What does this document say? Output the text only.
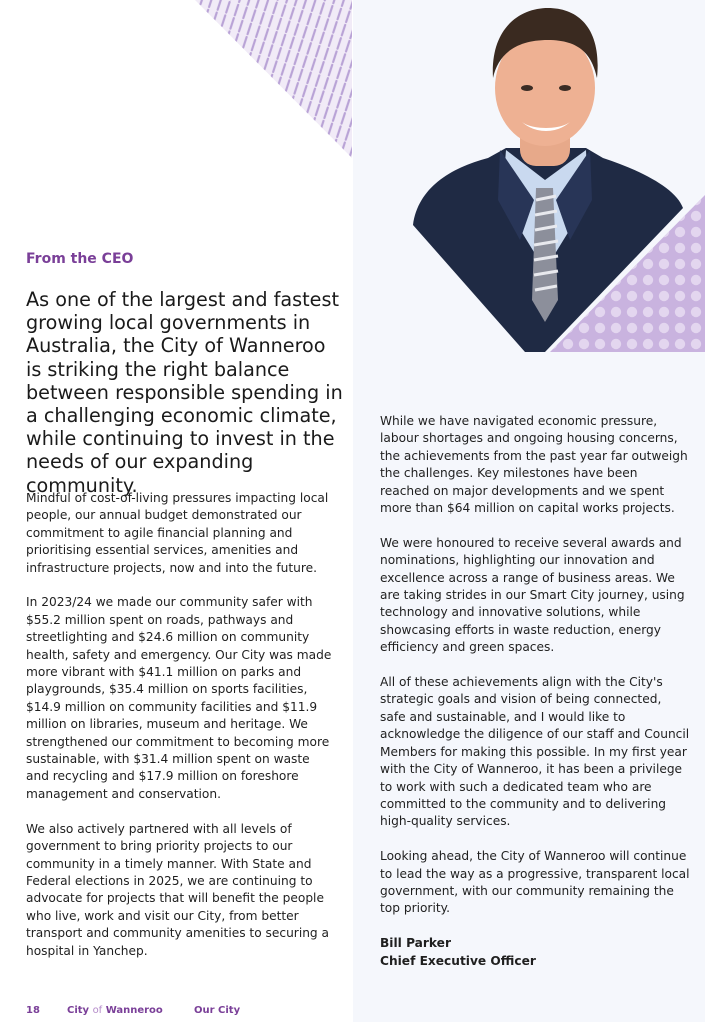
From the CEO
As one of the largest and fastest growing local governments in Australia, the City of Wanneroo is striking the right balance between responsible spending in a challenging economic climate, while continuing to invest in the needs of our expanding community.

Mindful of cost-of-living pressures impacting local people, our annual budget demonstrated our commitment to agile financial planning and prioritising essential services, amenities and infrastructure projects, now and into the future.

In 2023/24 we made our community safer with $55.2 million spent on roads, pathways and streetlighting and $24.6 million on community health, safety and emergency. Our City was made more vibrant with $41.1 million on parks and playgrounds, $35.4 million on sports facilities, $14.9 million on community facilities and $11.9 million on libraries, museum and heritage. We strengthened our commitment to becoming more sustainable, with $31.4 million spent on waste and recycling and $17.9 million on foreshore management and conservation.

We also actively partnered with all levels of government to bring priority projects to our community in a timely manner. With State and Federal elections in 2025, we are continuing to advocate for projects that will benefit the people who live, work and visit our City, from better transport and community amenities to securing a hospital in Yanchep.

While we have navigated economic pressure, labour shortages and ongoing housing concerns, the achievements from the past year far outweigh the challenges. Key milestones have been reached on major developments and we spent more than $64 million on capital works projects.

We were honoured to receive several awards and nominations, highlighting our innovation and excellence across a range of business areas. We are taking strides in our Smart City journey, using technology and innovative solutions, while showcasing efforts in waste reduction, energy efficiency and green spaces.

All of these achievements align with the City's strategic goals and vision of being connected, safe and sustainable, and I would like to acknowledge the diligence of our staff and Council Members for making this possible. In my first year with the City of Wanneroo, it has been a privilege to work with such a dedicated team who are committed to the community and to delivering high-quality services.

Looking ahead, the City of Wanneroo will continue to lead the way as a progressive, transparent local government, with our community remaining the top priority.

Bill Parker
Chief Executive Officer
18	City of Wanneroo	Our City
